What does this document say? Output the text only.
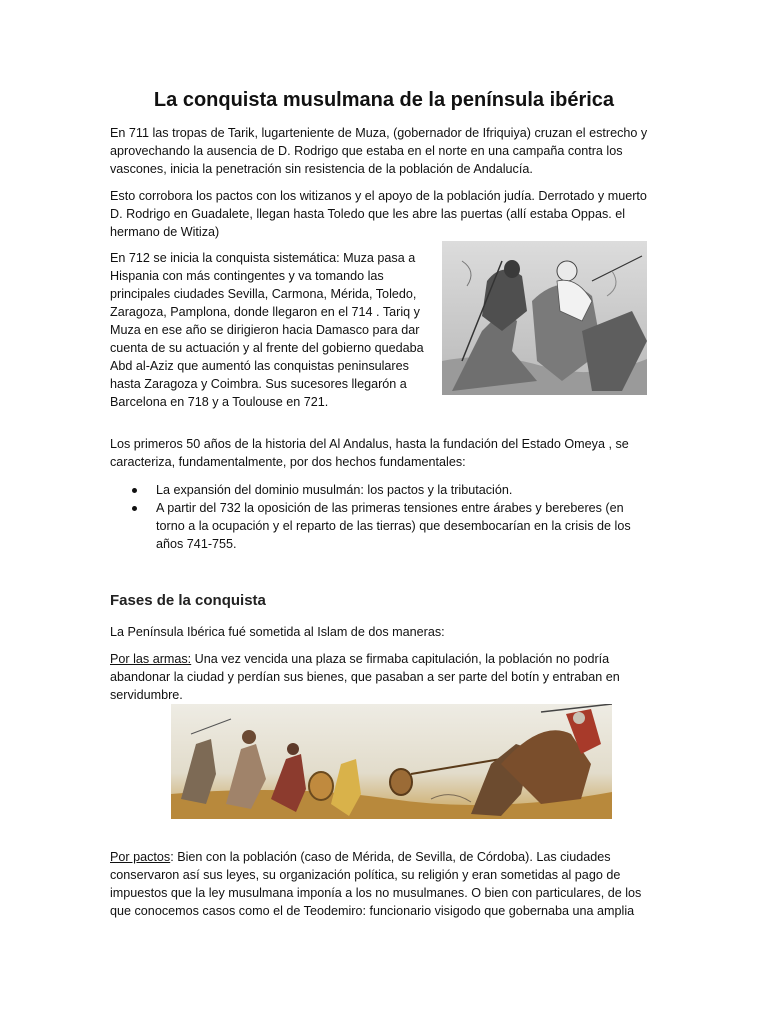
La conquista musulmana de la península ibérica

En 711 las tropas de Tarik, lugarteniente de Muza, (gobernador de Ifriquiya) cruzan el estrecho y aprovechando la ausencia de D. Rodrigo que estaba en el norte en una campaña contra los vascones, inicia la penetración sin resistencia de la población de Andalucía.

Esto corrobora los pactos con los witizanos y el apoyo de la población judía. Derrotado y muerto D. Rodrigo en Guadalete, llegan hasta Toledo que les abre las puertas (allí estaba Oppas. el hermano de Witiza)

En 712 se inicia la conquista sistemática: Muza pasa a Hispania con más contingentes y va tomando las principales ciudades Sevilla, Carmona, Mérida, Toledo, Zaragoza, Pamplona, donde llegaron en el 714 . Tariq y Muza en ese año se dirigieron hacia Damasco para dar cuenta de su actuación y al frente del gobierno quedaba Abd al-Aziz que aumentó las conquistas peninsulares hasta Zaragoza y Coimbra. Sus sucesores llegarón a Barcelona en 718 y a Toulouse en 721.

Los primeros 50 años de la historia del Al Andalus, hasta la fundación del Estado Omeya , se caracteriza, fundamentalmente, por dos hechos fundamentales:

La expansión del dominio musulmán: los pactos y la tributación.
A partir del 732 la oposición de las primeras tensiones entre árabes y bereberes (en torno a la ocupación y el reparto de las tierras) que desembocarían en la crisis de los años 741-755.
Fases de la conquista

La Península Ibérica fué sometida al Islam de dos maneras:

Por las armas: Una vez vencida una plaza se firmaba capitulación, la población no podría abandonar la ciudad y perdían sus bienes, que pasaban a ser parte del botín y entraban en servidumbre.

Por pactos: Bien con la población (caso de Mérida, de Sevilla, de Córdoba). Las ciudades conservaron así sus leyes, su organización política, su religión y eran sometidas al pago de impuestos que la ley musulmana imponía a los no musulmanes. O bien con particulares, de los que conocemos casos como el de Teodemiro: funcionario visigodo que gobernaba una amplia
